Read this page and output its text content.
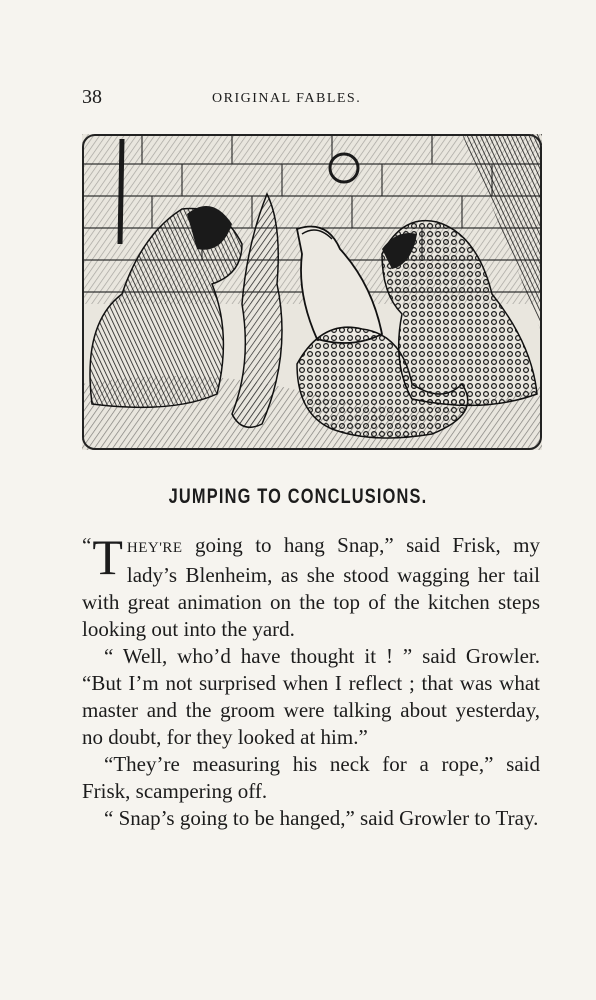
38	ORIGINAL FABLES.
JUMPING TO CONCLUSIONS.

“ T HEY'RE going to hang Snap,” said Frisk, my lady’s Blenheim, as she stood wagging her tail with great animation on the top of the kitchen steps looking out into the yard.

“ Well, who’d have thought it ! ” said Growler. “But I’m not surprised when I reflect ; that was what master and the groom were talking about yesterday, no doubt, for they looked at him.”

“They’re measuring his neck for a rope,” said Frisk, scampering off.

“ Snap’s going to be hanged,” said Growler to Tray.
